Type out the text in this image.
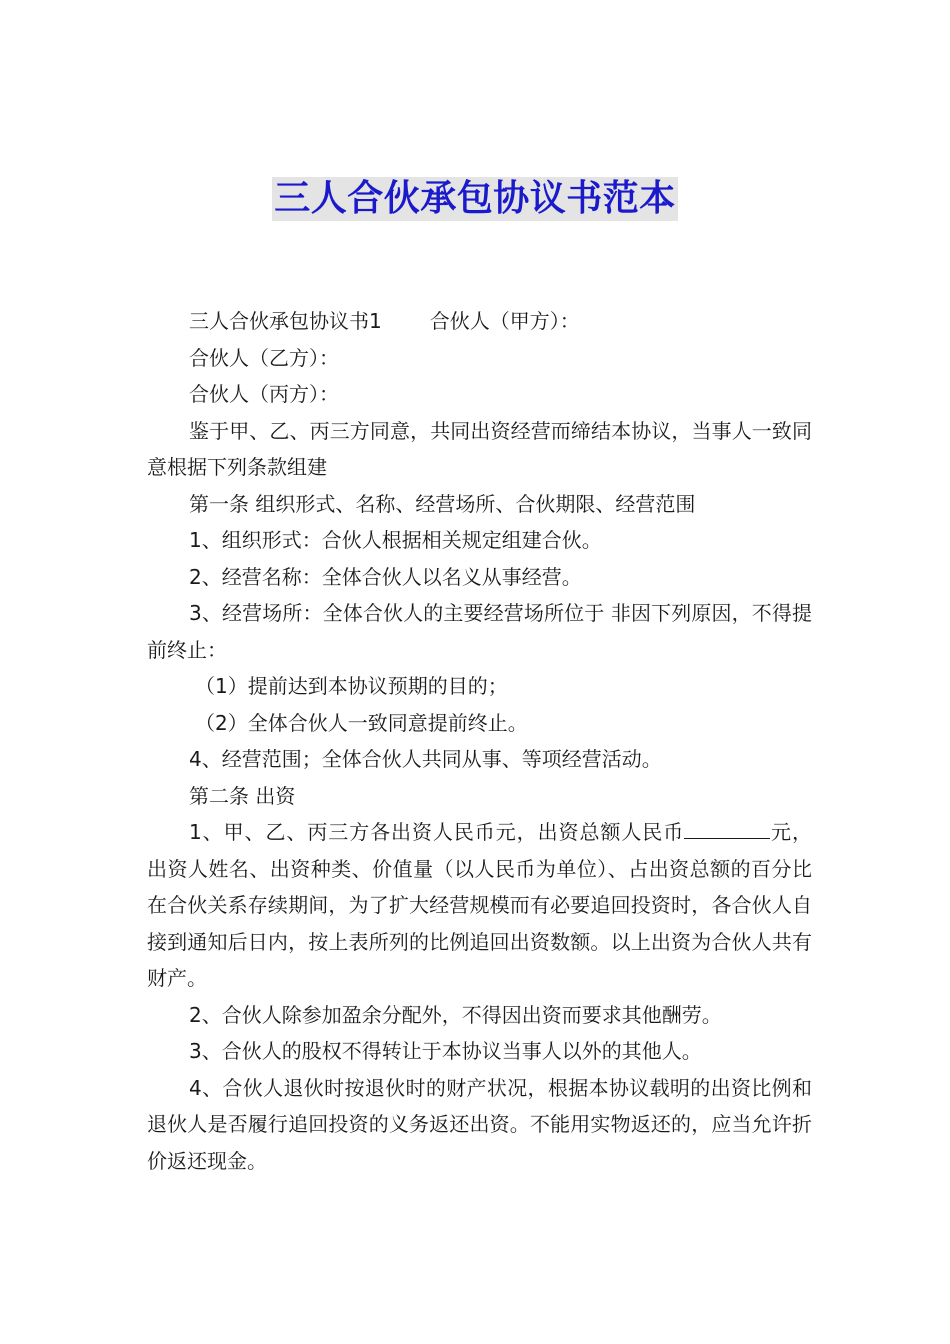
三人合伙承包协议书范本

三人合伙承包协议书1 合伙人（甲方）：

合伙人（乙方）：

合伙人（丙方）：

鉴于甲、乙、丙三方同意，共同出资经营而缔结本协议，当事人一致同意根据下列条款组建

第一条 组织形式、名称、经营场所、合伙期限、经营范围

1、组织形式：合伙人根据相关规定组建合伙。

2、经营名称：全体合伙人以名义从事经营。

3、经营场所：全体合伙人的主要经营场所位于 非因下列原因，不得提前终止：

（1）提前达到本协议预期的目的；

（2）全体合伙人一致同意提前终止。

4、经营范围；全体合伙人共同从事、等项经营活动。

第二条 出资

1、甲、乙、丙三方各出资人民币元，出资总额人民币	元， 出资人姓名、出资种类、价值量（以人民币为单位）、占出资总额的百分比在合伙关系存续期间，为了扩大经营规模而有必要追回投资时，各合伙人自接到通知后日内，按上表所列的比例追回出资数额。以上出资为合伙人共有财产。

2、合伙人除参加盈余分配外，不得因出资而要求其他酬劳。

3、合伙人的股权不得转让于本协议当事人以外的其他人。

4、合伙人退伙时按退伙时的财产状况，根据本协议载明的出资比例和退伙人是否履行追回投资的义务返还出资。不能用实物返还的，应当允许折价返还现金。
